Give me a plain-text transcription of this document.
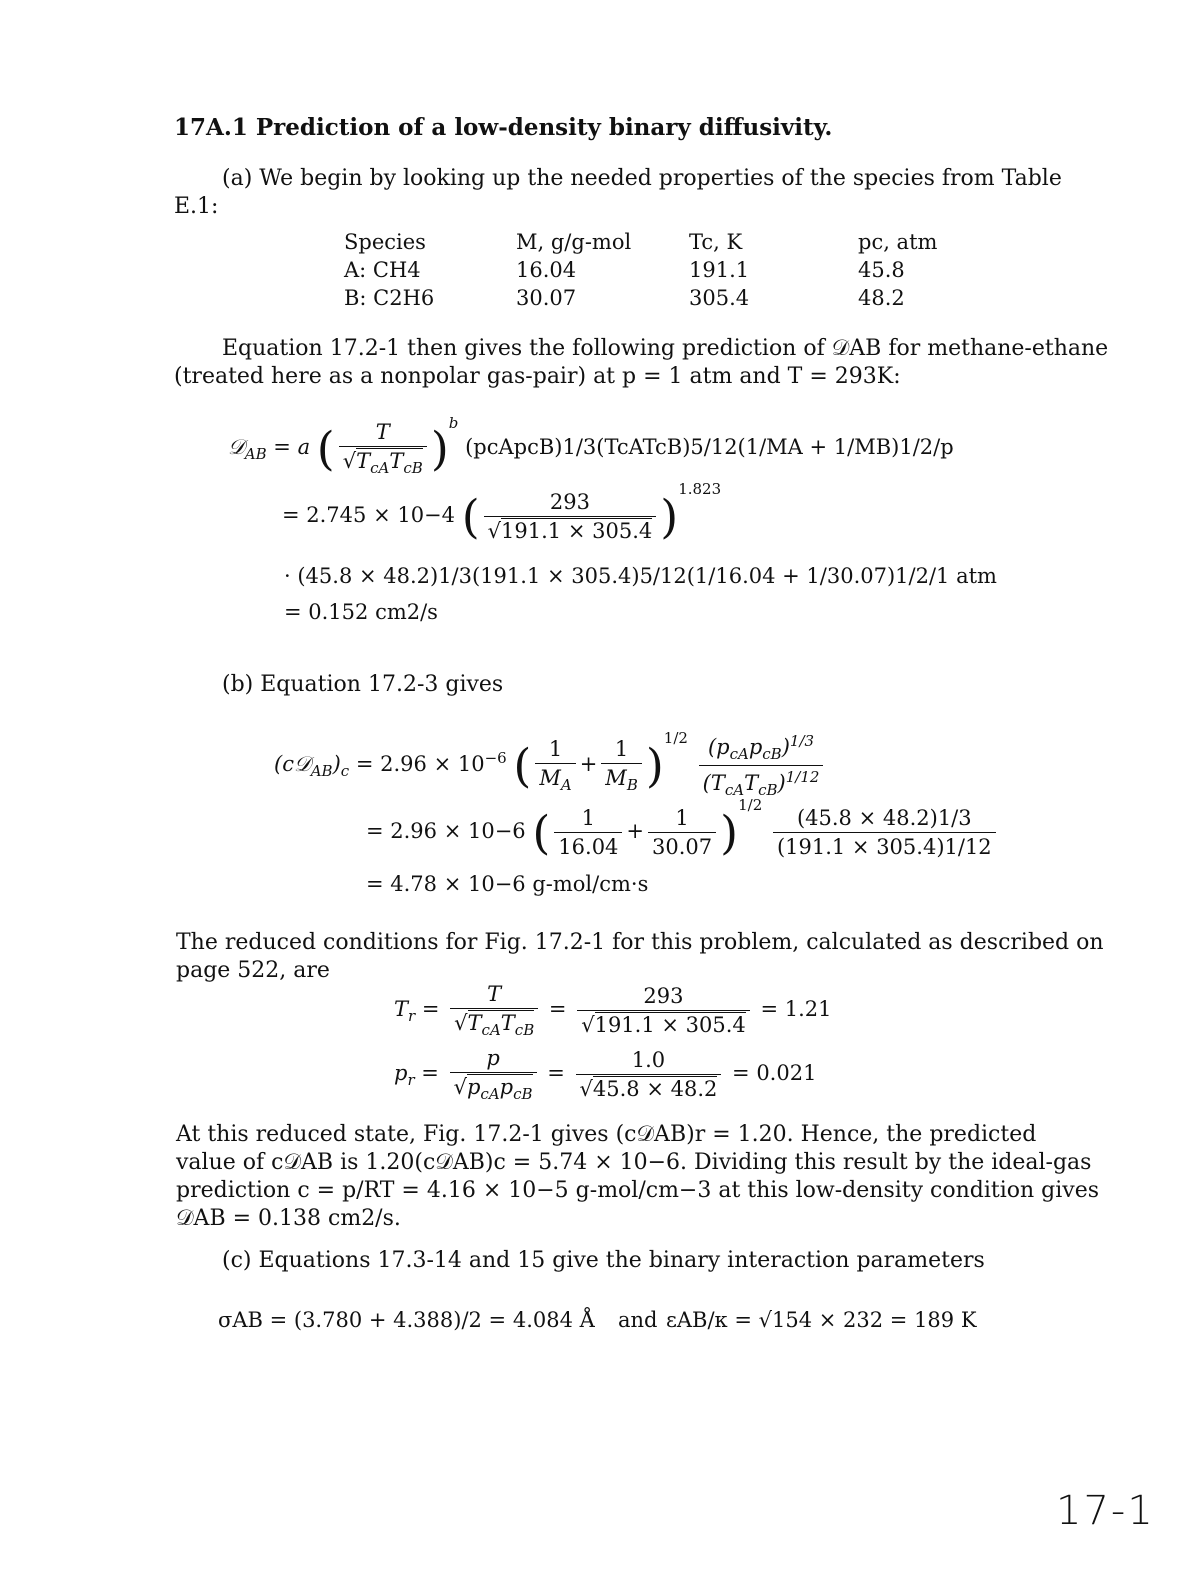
17A.1 Prediction of a low-density binary diffusivity.
(a) We begin by looking up the needed properties of the species from Table
E.1:
Species	M, g/g-mol	Tc, K	pc, atm
A: CH4	16.04	191.1	45.8
B: C2H6	30.07	305.4	48.2
Equation 17.2-1 then gives the following prediction of 𝒟AB for methane-ethane
(treated here as a nonpolar gas-pair) at p = 1 atm and T = 293K:
𝒟$_{AB}$ = a ( $\frac{T}{√T_{cA}T_{cB}} )^b$ (pcApcB)1/3(TcATcB)5/12(1/MA + 1/MB)1/2/p
= 2.745 × 10−4 ( $\frac{293}{√191.1 \times 305.4} )^{1.823}$
· (45.8 × 48.2)1/3(191.1 × 305.4)5/12(1/16.04 + 1/30.07)1/2/1 atm
= 0.152 cm2/s
(b) Equation 17.2-3 gives
$(c𝒟_{AB})_c = 2.96 \times 10^{-6}$ ( $\frac{1}{M_A} + \frac{1}{M_B} )^{1/2} \frac{(p_{cA}p_{cB})^{1/3}}{(T_{cA}T_{cB})^{1/12}}$
= 2.96 × 10−6 ( $\frac{1}{16.04} + \frac{1}{30.07} )^{1/2}$
$\frac{(45.8 \times 48.2)1/3}{(191.1 \times 305.4)1/12}$
= 4.78 × 10−6 g-mol/cm·s
The reduced conditions for Fig. 17.2-1 for this problem, calculated as described on
page 522, are
$T_r = \frac{T}{√T_{cA}T_{cB}} = \frac{293}{√191.1 \times 305.4} = 1.21$
$p_r = \frac{p}{√p_{cA}p_{cB}} = \frac{1.0}{√45.8 \times 48.2} = 0.021$
At this reduced state, Fig. 17.2-1 gives (c𝒟AB)r = 1.20. Hence, the predicted
value of c𝒟AB is 1.20(c𝒟AB)c = 5.74 × 10−6. Dividing this result by the ideal-gas
prediction c = p/RT = 4.16 × 10−5 g-mol/cm−3 at this low-density condition gives
𝒟AB = 0.138 cm2/s.
(c) Equations 17.3-14 and 15 give the binary interaction parameters
σAB = (3.780 + 4.388)/2 = 4.084 Å and εAB/κ = √154 × 232 = 189 K
17-1
